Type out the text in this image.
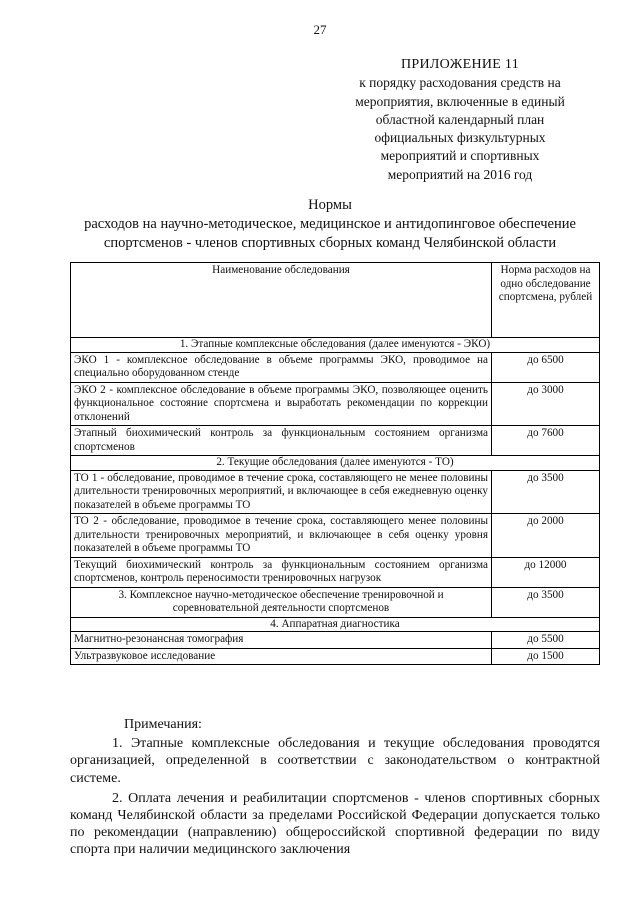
27
ПРИЛОЖЕНИЕ 11
к порядку расходования средств на
мероприятия, включенные в единый
областной календарный план
официальных физкультурных
мероприятий и спортивных
мероприятий на 2016 год
Нормы
расходов на научно-методическое, медицинское и антидопинговое обеспечение
спортсменов - членов спортивных сборных команд Челябинской области
Наименование обследования	Норма расходов на одно обследование спортсмена, рублей
1. Этапные комплексные обследования (далее именуются - ЭКО)	
ЭКО 1 - комплексное обследование в объеме программы ЭКО, проводимое на специально оборудованном стенде	до 6500
ЭКО 2 - комплексное обследование в объеме программы ЭКО, позволяющее оценить функциональное состояние спортсмена и выработать рекомендации по коррекции отклонений	до 3000
Этапный биохимический контроль за функциональным состоянием организма спортсменов	до 7600
2. Текущие обследования (далее именуются - ТО)	
ТО 1 - обследование, проводимое в течение срока, составляющего не менее половины длительности тренировочных мероприятий, и включающее в себя ежедневную оценку показателей в объеме программы ТО	до 3500
ТО 2 - обследование, проводимое в течение срока, составляющего менее половины длительности тренировочных мероприятий, и включающее в себя оценку уровня показателей в объеме программы ТО	до 2000
Текущий биохимический контроль за функциональным состоянием организма спортсменов, контроль переносимости тренировочных нагрузок	до 12000

3. Комплексное научно-методическое обеспечение тренировочной и
соревновательной деятельности спортсменов	до 3500
4. Аппаратная диагностика	
Магнитно-резонансная томография	до 5500
Ультразвуковое исследование	до 1500
Примечания:

1. Этапные комплексные обследования и текущие обследования проводятся организацией, определенной в соответствии с законодательством о контрактной системе.

2. Оплата лечения и реабилитации спортсменов - членов спортивных сборных команд Челябинской области за пределами Российской Федерации допускается только по рекомендации (направлению) общероссийской спортивной федерации по виду спорта при наличии медицинского заключения
